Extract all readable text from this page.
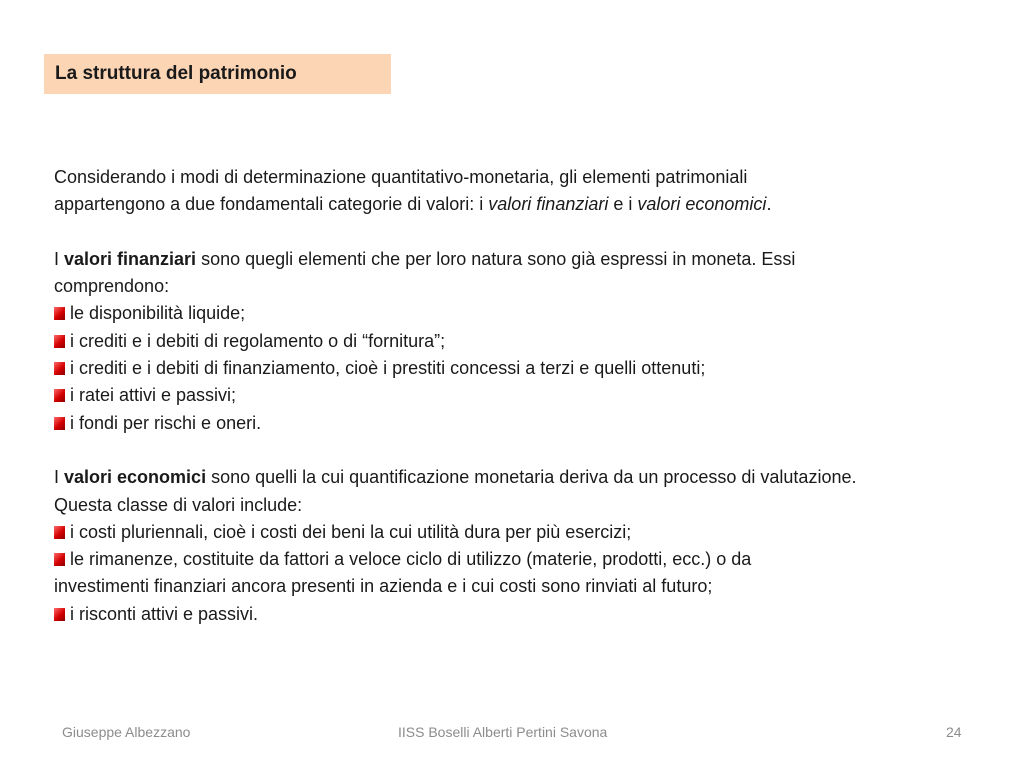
La struttura del patrimonio

Considerando i modi di determinazione quantitativo-monetaria, gli elementi patrimoniali
appartengono a due fondamentali categorie di valori: i valori finanziari e i valori economici.

I valori finanziari sono quegli elementi che per loro natura sono già espressi in moneta. Essi
comprendono:

le disponibilità liquide;
i crediti e i debiti di regolamento o di “fornitura”;
i crediti e i debiti di finanziamento, cioè i prestiti concessi a terzi e quelli ottenuti;
i ratei attivi e passivi;
i fondi per rischi e oneri.

I valori economici sono quelli la cui quantificazione monetaria deriva da un processo di valutazione.
Questa classe di valori include:

i costi pluriennali, cioè i costi dei beni la cui utilità dura per più esercizi;
le rimanenze, costituite da fattori a veloce ciclo di utilizzo (materie, prodotti, ecc.) o da

investimenti finanziari ancora presenti in azienda e i cui costi sono rinviati al futuro;

i risconti attivi e passivi.
Giuseppe Albezzano	IISS Boselli Alberti Pertini Savona	24
